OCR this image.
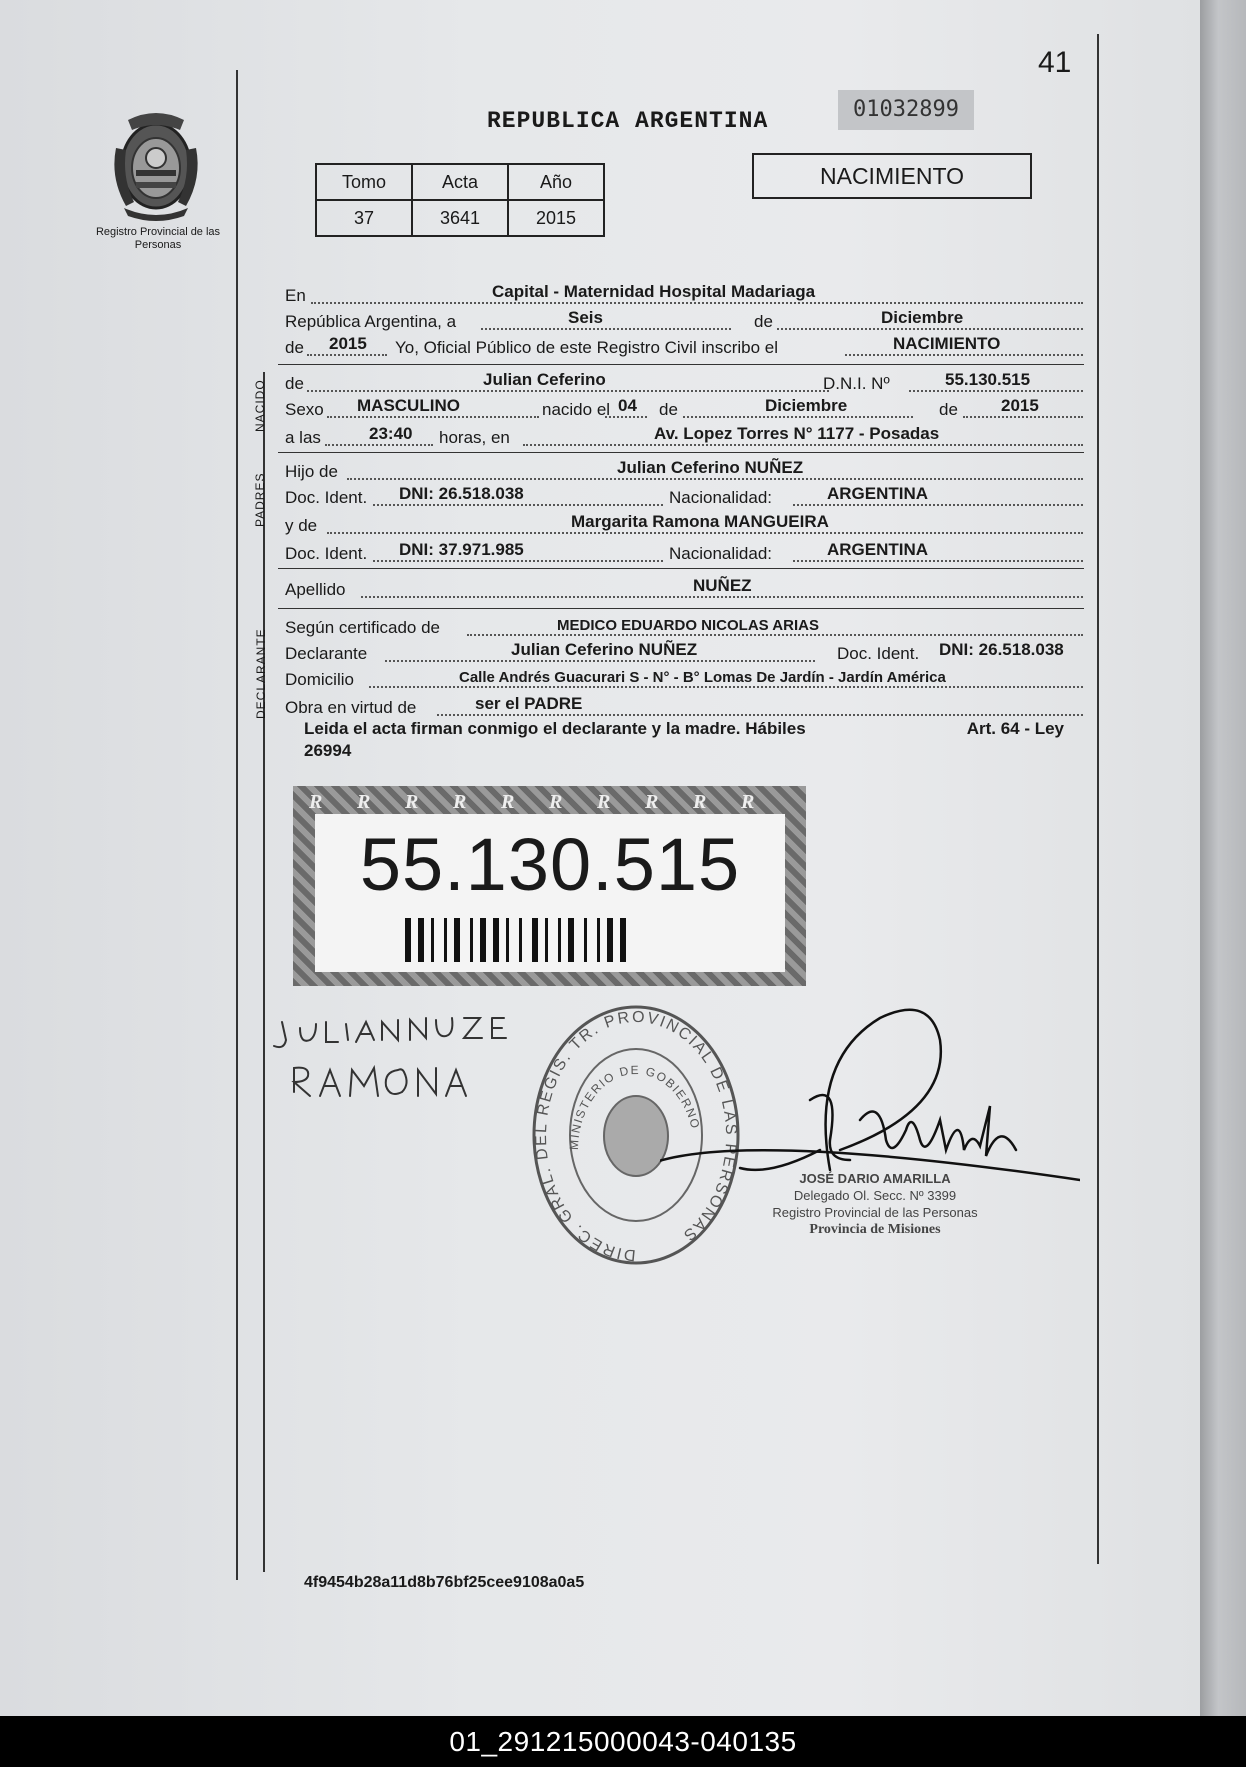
Registro Provincial de las Personas
41
REPUBLICA ARGENTINA	01032899
Tomo	Acta	Año
37	3641	2015
NACIMIENTO
En	Capital - Maternidad Hospital Madariaga
República Argentina, a	Seis	de	Diciembre
de 2015 Yo, Oficial Público de este Registro Civil inscribo el	NACIMIENTO
NACIDO de	Julian Ceferino	D.N.I. Nº	55.130.515
Sexo MASCULINO	nacido el 04 de	Diciembre	de	2015
a las	23:40 horas, en	Av. Lopez Torres N° 1177 - Posadas
PADRES
Hijo de	Julian Ceferino NUÑEZ
Doc. Ident. DNI: 26.518.038	Nacionalidad:	ARGENTINA
y de	Margarita Ramona MANGUEIRA
Doc. Ident. DNI: 37.971.985	Nacionalidad:	ARGENTINA
Apellido	NUÑEZ
DECLARANTE
Según certificado de	MEDICO EDUARDO NICOLAS ARIAS
Declarante	Julian Ceferino NUÑEZ	Doc. Ident. DNI: 26.518.038
Domicilio	Calle Andrés Guacurari S - N° - B° Lomas De Jardín - Jardín América
Obra en virtud de	ser el PADRE
Leida el acta firman conmigo el declarante y la madre. Hábiles	Art. 64 - Ley
26994
R R R R R R R R R R
55.130.515
DIREC. GRAL. DEL REGIS. TR. PROVINCIAL DE LAS PERSONAS
MINISTERIO DE GOBIERNO
JOSÉ DARIO AMARILLA
Delegado Ol. Secc. Nº 3399
Registro Provincial de las Personas
Provincia de Misiones
4f9454b28a11d8b76bf25cee9108a0a5
01_291215000043-040135
